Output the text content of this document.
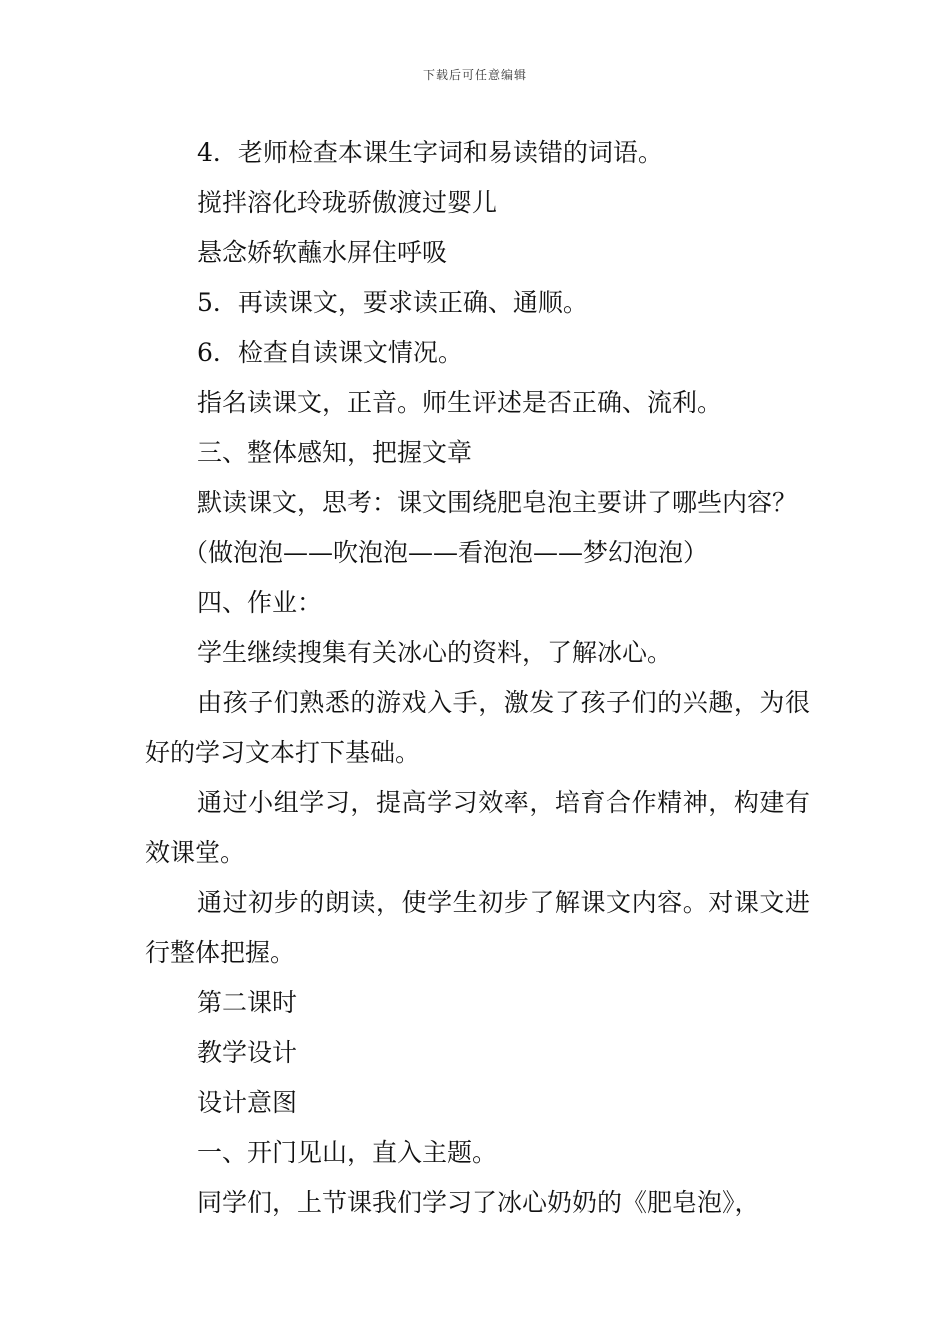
下载后可任意编辑

4．老师检查本课生字词和易读错的词语。

搅拌溶化玲珑骄傲渡过婴儿

悬念娇软蘸水屏住呼吸

5．再读课文，要求读正确、通顺。

6．检查自读课文情况。

指名读课文，正音。师生评述是否正确、流利。

三、整体感知，把握文章

默读课文，思考：课文围绕肥皂泡主要讲了哪些内容？

（做泡泡——吹泡泡——看泡泡——梦幻泡泡）

四、作业：

学生继续搜集有关冰心的资料，了解冰心。

由孩子们熟悉的游戏入手，激发了孩子们的兴趣，为很好的学习文本打下基础。

通过小组学习，提高学习效率，培育合作精神，构建有效课堂。

通过初步的朗读，使学生初步了解课文内容。对课文进行整体把握。

第二课时

教学设计

设计意图

一、开门见山，直入主题。

同学们，上节课我们学习了冰心奶奶的《肥皂泡》，
